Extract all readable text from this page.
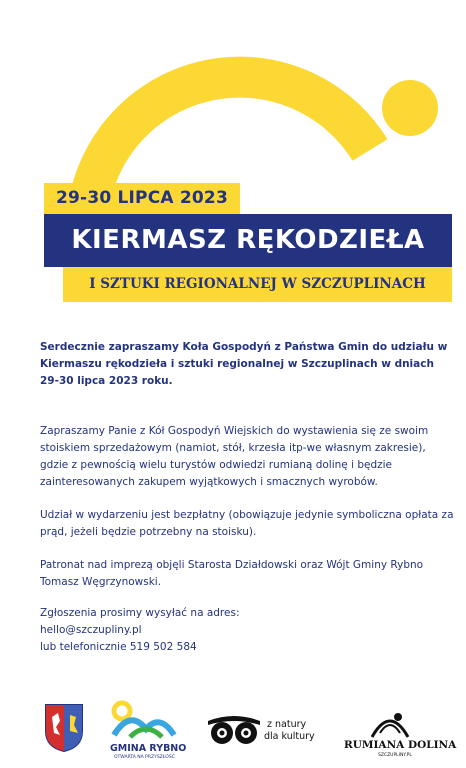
29-30 LIPCA 2023
KIERMASZ RĘKODZIEŁA
I SZTUKI REGIONALNEJ W SZCZUPLINACH

Serdecznie zapraszamy Koła Gospodyń z Państwa Gmin do udziału w Kiermaszu rękodzieła i sztuki regionalnej w Szczuplinach w dniach 29-30 lipca 2023 roku.

Zapraszamy Panie z Kół Gospodyń Wiejskich do wystawienia się ze swoim stoiskiem sprzedażowym (namiot, stół, krzesła itp-we własnym zakresie), gdzie z pewnością wielu turystów odwiedzi rumianą dolinę i będzie zainteresowanych zakupem wyjątkowych i smacznych wyrobów.

Udział w wydarzeniu jest bezpłatny (obowiązuje jedynie symboliczna opłata za prąd, jeżeli będzie potrzebny na stoisku).

Patronat nad imprezą objęli Starosta Działdowski oraz Wójt Gminy Rybno Tomasz Węgrzynowski.

Zgłoszenia prosimy wysyłać na adres:

hello@szczupliny.pl

lub telefonicznie 519 502 584

GMINA RYBNO
OTWARTA NA PRZYSZŁOŚĆ
z natury
dla kultury
RUMIANA DOLINA
SZCZUPLINY.PL
